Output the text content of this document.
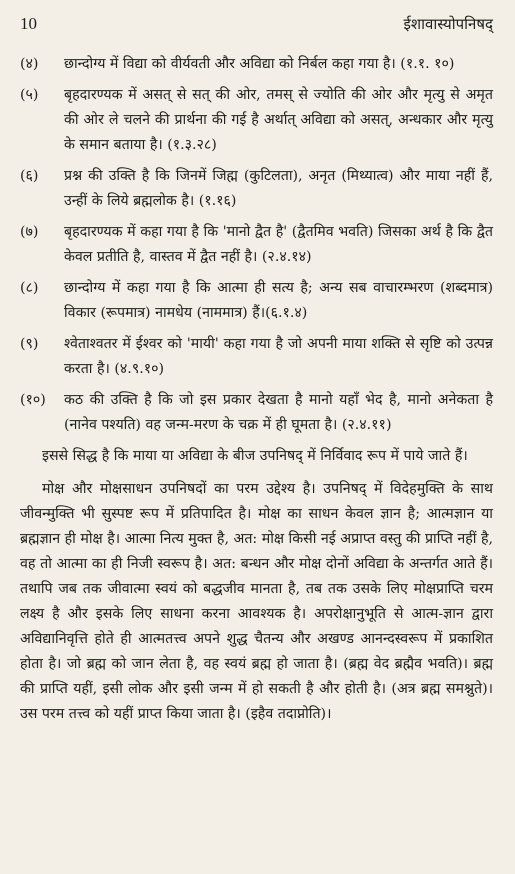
10	ईशावास्योपनिषद्
(४)	छान्दोग्य में विद्या को वीर्यवती और अविद्या को निर्बल कहा गया है। (१.१. १०)
(५)	बृहदारण्यक में असत् से सत् की ओर, तमस् से ज्योति की ओर और मृत्यु से अमृत की ओर ले चलने की प्रार्थना की गई है अर्थात् अविद्या को असत्, अन्धकार और मृत्यु के समान बताया है। (१.३.२८)
(६)	प्रश्न की उक्ति है कि जिनमें जिह्म (कुटिलता), अनृत (मिथ्यात्व) और माया नहीं हैं, उन्हीं के लिये ब्रह्मलोक है। (१.१६)
(७)	बृहदारण्यक में कहा गया है कि 'मानो द्वैत है' (द्वैतमिव भवति) जिसका अर्थ है कि द्वैत केवल प्रतीति है, वास्तव में द्वैत नहीं है। (२.४.१४)
(८)	छान्दोग्य में कहा गया है कि आत्मा ही सत्य है; अन्य सब वाचारम्भरण (शब्दमात्र) विकार (रूपमात्र) नामधेय (नाममात्र) हैं।(६.१.४)
(९)	श्वेताश्वतर में ईश्वर को 'मायी' कहा गया है जो अपनी माया शक्ति से सृष्टि को उत्पन्न करता है। (४.९.१०)
(१०)	कठ की उक्ति है कि जो इस प्रकार देखता है मानो यहाँ भेद है, मानो अनेकता है (नानेव पश्यति) वह जन्म-मरण के चक्र में ही घूमता है। (२.४.११)

इससे सिद्ध है कि माया या अविद्या के बीज उपनिषद् में निर्विवाद रूप में पाये जाते हैं।

मोक्ष और मोक्षसाधन उपनिषदों का परम उद्देश्य है। उपनिषद् में विदेहमुक्ति के साथ जीवन्मुक्ति भी सुस्पष्ट रूप में प्रतिपादित है। मोक्ष का साधन केवल ज्ञान है; आत्मज्ञान या ब्रह्मज्ञान ही मोक्ष है। आत्मा नित्य मुक्त है, अत: मोक्ष किसी नई अप्राप्त वस्तु की प्राप्ति नहीं है, वह तो आत्मा का ही निजी स्वरूप है। अत: बन्धन और मोक्ष दोनों अविद्या के अन्तर्गत आते हैं। तथापि जब तक जीवात्मा स्वयं को बद्धजीव मानता है, तब तक उसके लिए मोक्षप्राप्ति चरम लक्ष्य है और इसके लिए साधना करना आवश्यक है। अपरोक्षानुभूति से आत्म-ज्ञान द्वारा अविद्यानिवृत्ति होते ही आत्मतत्त्व अपने शुद्ध चैतन्य और अखण्ड आनन्दस्वरूप में प्रकाशित होता है। जो ब्रह्म को जान लेता है, वह स्वयं ब्रह्म हो जाता है। (ब्रह्म वेद ब्रह्मैव भवति)। ब्रह्म की प्राप्ति यहीं, इसी लोक और इसी जन्म में हो सकती है और होती है। (अत्र ब्रह्म समश्नुते)। उस परम तत्त्व को यहीं प्राप्त किया जाता है। (इहैव तदाप्नोति)।
